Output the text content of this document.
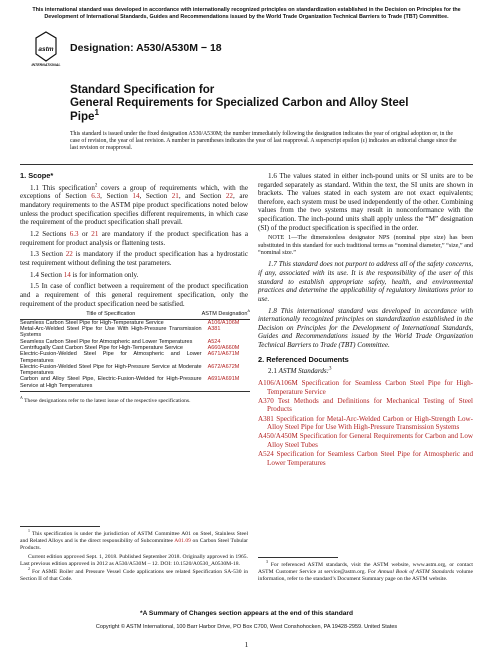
This international standard was developed in accordance with internationally recognized principles on standardization established in the Decision on Principles for the Development of International Standards, Guides and Recommendations issued by the World Trade Organization Technical Barriers to Trade (TBT) Committee.
astm
INTERNATIONAL
Designation: A530/A530M − 18
Standard Specification for
General Requirements for Specialized Carbon and Alloy Steel Pipe$^1$
This standard is issued under the fixed designation A530/A530M; the number immediately following the designation indicates the year of original adoption or, in the case of revision, the year of last revision. A number in parentheses indicates the year of last reapproval. A superscript epsilon (ε) indicates an editorial change since the last revision or reapproval.

1. Scope*

1.1 This specification$^2$ covers a group of requirements which, with the exceptions of Section 6.3, Section 14, Section 21, and Section 22, are mandatory requirements to the ASTM pipe product specifications noted below unless the product specification specifies different requirements, in which case the requirement of the product specification shall prevail.

1.2 Sections 6.3 or 21 are mandatory if the product specification has a requirement for product analysis or flattening tests.

1.3 Section 22 is mandatory if the product specification has a hydrostatic test requirement without defining the test parameters.

1.4 Section 14 is for information only.

1.5 In case of conflict between a requirement of the product specification and a requirement of this general requirement specification, only the requirement of the product specification need be satisfied.

Title of Specification	ASTM Designation$^A$
Seamless Carbon Steel Pipe for High-Temperature Service	A106/A106M
Metal-Arc-Welded Steel Pipe for Use With High-Pressure Transmission Systems	A381
Seamless Carbon Steel Pipe for Atmospheric and Lower Temperatures	A524
Centrifugally Cast Carbon Steel Pipe for High-Temperature Service	A660/A660M
Electric-Fusion-Welded Steel Pipe for Atmospheric and Lower Temperatures	A671/A671M
Electric-Fusion-Welded Steel Pipe for High-Pressure Service at Moderate Temperatures	A672/A672M
Carbon and Alloy Steel Pipe, Electric-Fusion-Welded for High-Pressure Service at High Temperatures	A691/A691M
$^A$ These designations refer to the latest issue of the respective specifications.

$^1$ This specification is under the jurisdiction of ASTM Committee A01 on Steel, Stainless Steel and Related Alloys and is the direct responsibility of Subcommittee A01.09 on Carbon Steel Tubular Products.

Current edition approved Sept. 1, 2018. Published September 2018. Originally approved in 1965. Last previous edition approved in 2012 as A530/A530M – 12. DOI: 10.1520/A0530_A0530M-18.

$^2$ For ASME Boiler and Pressure Vessel Code applications see related Specification SA-530 in Section II of that Code.

1.6 The values stated in either inch-pound units or SI units are to be regarded separately as standard. Within the text, the SI units are shown in brackets. The values stated in each system are not exact equivalents; therefore, each system must be used independently of the other. Combining values from the two systems may result in nonconformance with the specification. The inch-pound units shall apply unless the “M” designation (SI) of the product specification is specified in the order.

NOTE 1—The dimensionless designator NPS (nominal pipe size) has been substituted in this standard for such traditional terms as “nominal diameter,” “size,” and “nominal size.”

1.7 This standard does not purport to address all of the safety concerns, if any, associated with its use. It is the responsibility of the user of this standard to establish appropriate safety, health, and environmental practices and determine the applicability of regulatory limitations prior to use.

1.8 This international standard was developed in accordance with internationally recognized principles on standardization established in the Decision on Principles for the Development of International Standards, Guides and Recommendations issued by the World Trade Organization Technical Barriers to Trade (TBT) Committee.

2. Referenced Documents

2.1 ASTM Standards:$^3$

A106/A106M Specification for Seamless Carbon Steel Pipe for High-Temperature Service
A370 Test Methods and Definitions for Mechanical Testing of Steel Products
A381 Specification for Metal-Arc-Welded Carbon or High-Strength Low-Alloy Steel Pipe for Use With High-Pressure Transmission Systems
A450/A450M Specification for General Requirements for Carbon and Low Alloy Steel Tubes
A524 Specification for Seamless Carbon Steel Pipe for Atmospheric and Lower Temperatures

$^3$ For referenced ASTM standards, visit the ASTM website, www.astm.org, or contact ASTM Customer Service at service@astm.org. For Annual Book of ASTM Standards volume information, refer to the standard’s Document Summary page on the ASTM website.

*A Summary of Changes section appears at the end of this standard
Copyright © ASTM International, 100 Barr Harbor Drive, PO Box C700, West Conshohocken, PA 19428-2959. United States
1
